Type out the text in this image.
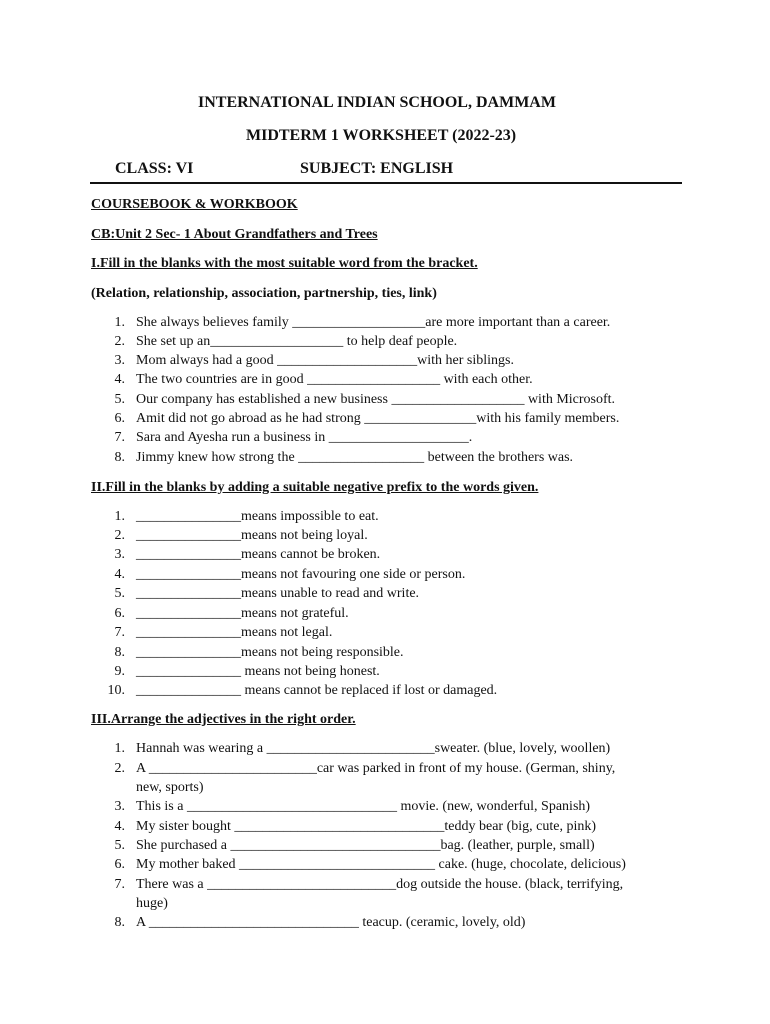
INTERNATIONAL INDIAN SCHOOL, DAMMAM
MIDTERM 1 WORKSHEET (2022-23)
CLASS: VI	SUBJECT: ENGLISH
COURSEBOOK & WORKBOOK
CB:Unit 2 Sec- 1 About Grandfathers and Trees
I.Fill in the blanks with the most suitable word from the bracket.
(Relation, relationship, association, partnership, ties, link)
1. She always believes family ___________________are more important than a career.
2. She set up an___________________ to help deaf people.
3. Mom always had a good ____________________with her siblings.
4. The two countries are in good ___________________ with each other.
5. Our company has established a new business ___________________ with Microsoft.
6. Amit did not go abroad as he had strong ________________with his family members.
7. Sara and Ayesha run a business in ____________________.
8. Jimmy knew how strong the __________________ between the brothers was.
II.Fill in the blanks by adding a suitable negative prefix to the words given.
1. _______________means impossible to eat.
2. _______________means not being loyal.
3. _______________means cannot be broken.
4. _______________means not favouring one side or person.
5. _______________means unable to read and write.
6. _______________means not grateful.
7. _______________means not legal.
8. _______________means not being responsible.
9. _______________ means not being honest.
10. _______________ means cannot be replaced if lost or damaged.
III.Arrange the adjectives in the right order.
1. Hannah was wearing a ________________________sweater. (blue, lovely, woollen)
2. A ________________________car was parked in front of my house. (German, shiny,
new, sports)
3. This is a ______________________________ movie. (new, wonderful, Spanish)
4. My sister bought ______________________________teddy bear (big, cute, pink)
5. She purchased a ______________________________bag. (leather, purple, small)
6. My mother baked ____________________________ cake. (huge, chocolate, delicious)
7. There was a ___________________________dog outside the house. (black, terrifying,
huge)
8. A ______________________________ teacup. (ceramic, lovely, old)
